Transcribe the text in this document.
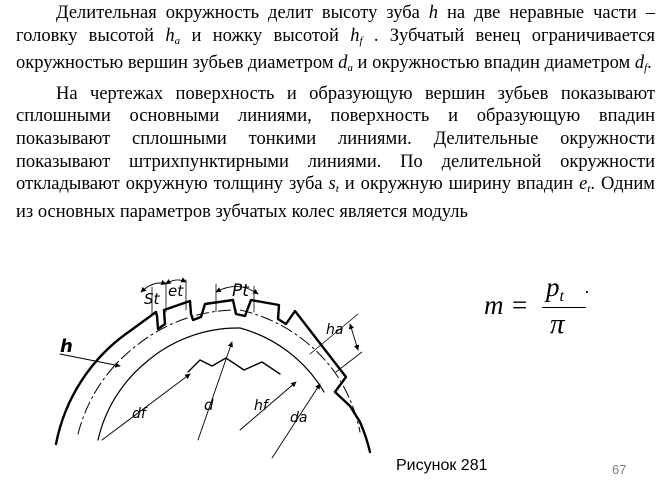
Делительная окружность делит высоту зуба h на две неравные части – головку высотой $h_a$ и ножку высотой $h_f$ . Зубчатый венец ограничивается окружностью вершин зубьев диаметром $d_a$ и окружностью впадин диаметром $d_f$.

На чертежах поверхность и образующую вершин зубьев показывают сплошными основными линиями, поверхность и образующую впадин показывают сплошными тонкими линиями. Делительные окружности показывают штрихпунктирными линиями. По делительной окружности откладывают окружную толщину зуба $s_t$ и окружную ширину впадин $e_t$. Одним из основных параметров зубчатых колес является модуль

h
St et	Pt
ha
hf
df	d
da
m =
pt
π
·
Рисунок 281	67
